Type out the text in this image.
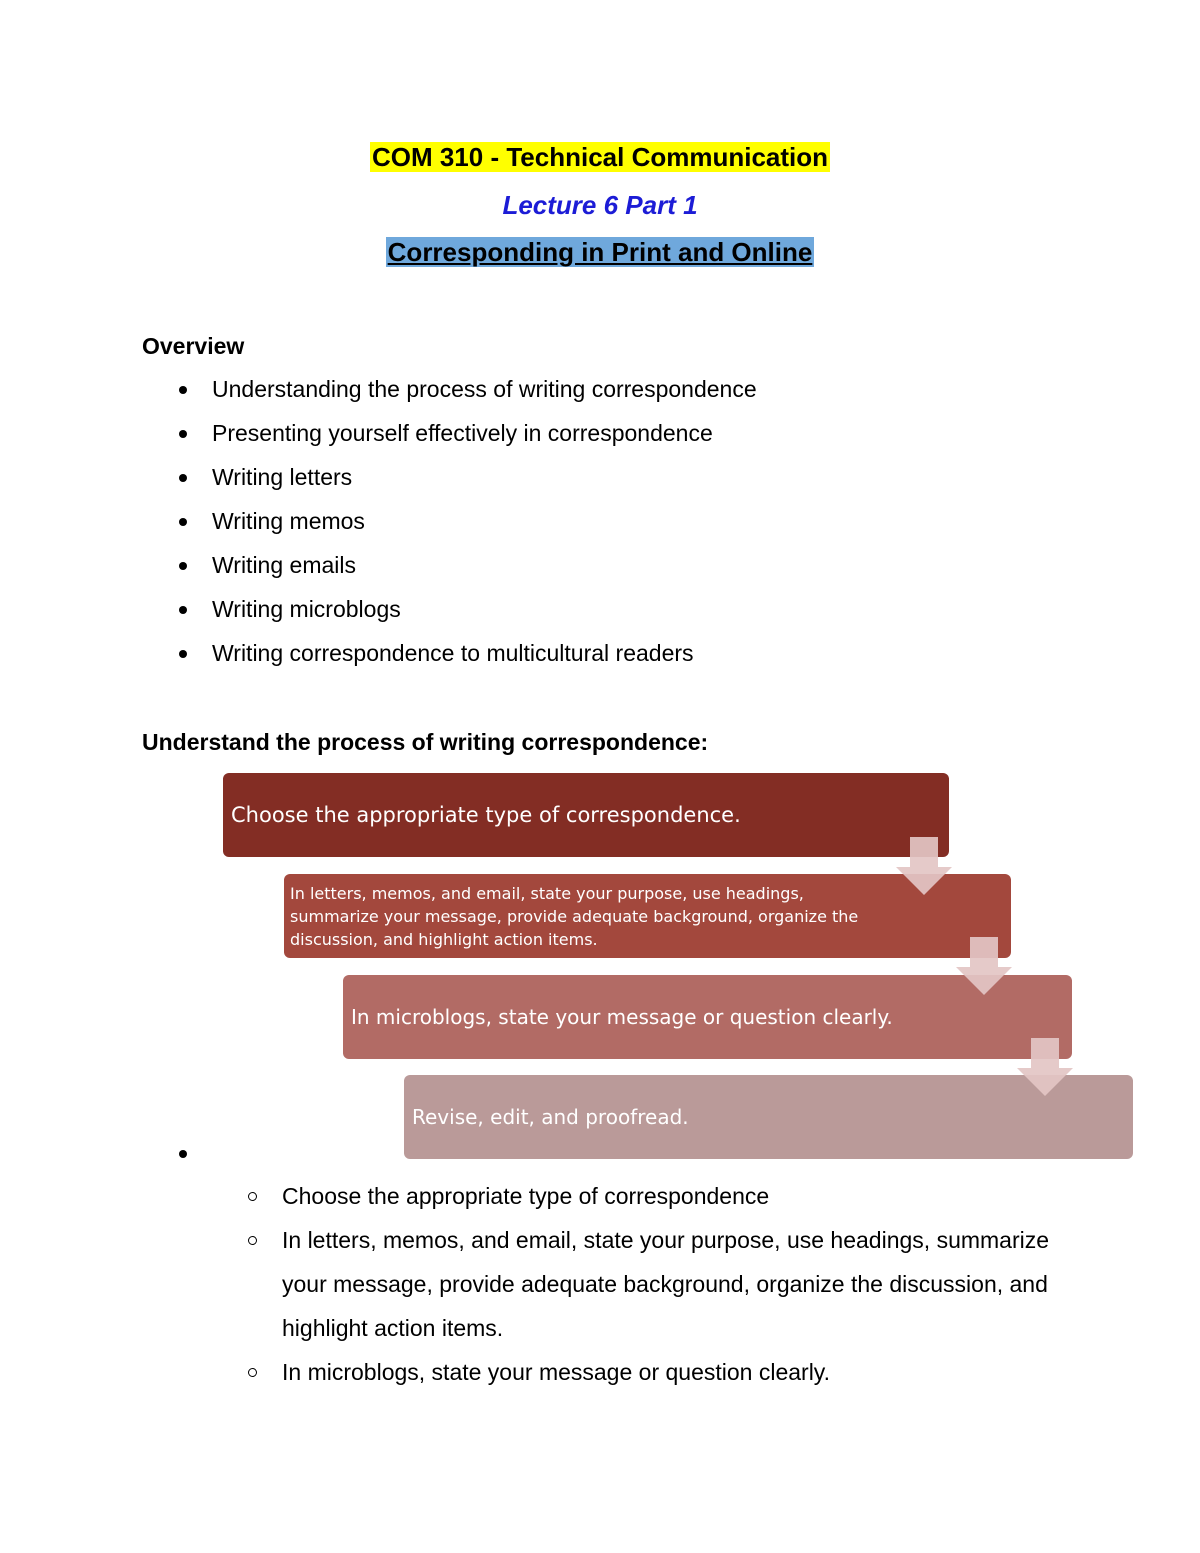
COM 310 - Technical Communication
Lecture 6 Part 1
Corresponding in Print and Online
Overview
Understanding the process of writing correspondence
Presenting yourself effectively in correspondence
Writing letters
Writing memos
Writing emails
Writing microblogs
Writing correspondence to multicultural readers
Understand the process of writing correspondence:
Choose the appropriate type of correspondence.
In letters, memos, and email, state your purpose, use headings, summarize your message, provide adequate background, organize the discussion, and highlight action items.
In microblogs, state your message or question clearly.
Revise, edit, and proofread.
Choose the appropriate type of correspondence
In letters, memos, and email, state your purpose, use headings, summarize your message, provide adequate background, organize the discussion, and highlight action items.
In microblogs, state your message or question clearly.
